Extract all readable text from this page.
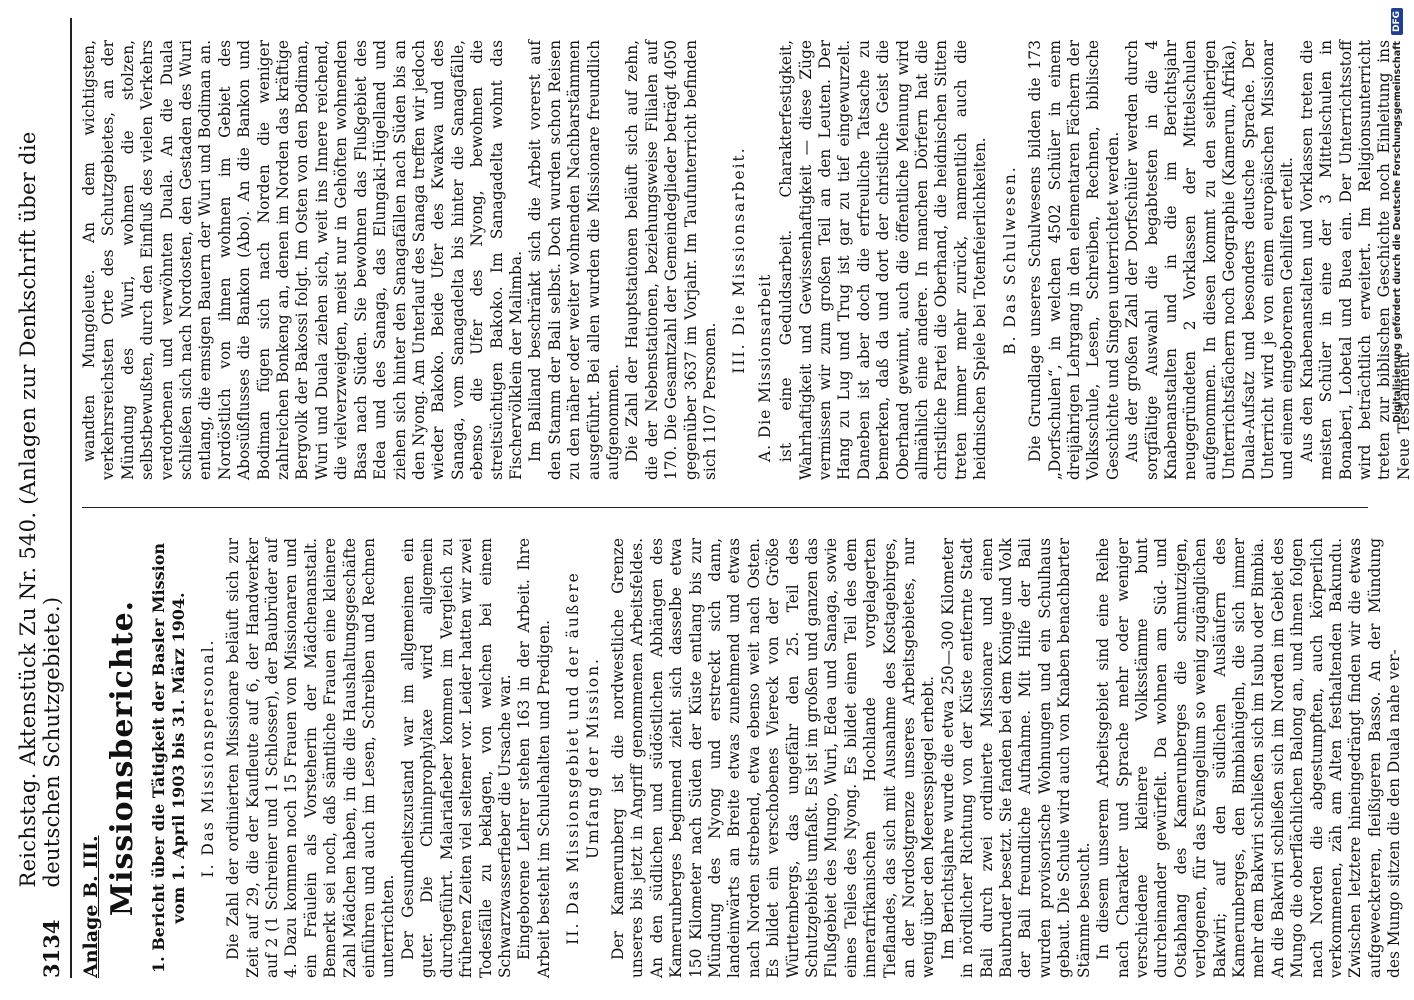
3134
Reichstag. Aktenstück Zu Nr. 540. (Anlagen zur Denkschrift über die deutschen Schutzgebiete.)

Anlage B. III. Missionsberichte. 1. Bericht über die Tätigkeit der Basler Mission vom 1. April 1903 bis 31. März 1904. I. Das Missionspersonal. Die Zahl der ordinierten Missionare beläuft sich zur Zeit auf 29, die der Kaufleute auf 6, der Handwerker auf 2 (1 Schreiner und 1 Schlosser), der Baubrüder auf 4. Dazu kommen noch 15 Frauen von Missionaren und ein Fräulein als Vorsteherin der Mädchenanstalt. Bemerkt sei noch, daß sämtliche Frauen eine kleinere Zahl Mädchen haben, in die die Haushaltungsgeschäfte einführen und auch im Lesen, Schreiben und Rechnen unterrichten. Der Gesundheitszustand war im allgemeinen ein guter. Die Chininprophylaxe wird allgemein durchgeführt. Malariafieber kommen im Vergleich zu früheren Zeiten viel seltener vor. Leider hatten wir zwei Todesfälle zu beklagen, von welchen bei einem Schwarzwasserfieber die Ursache war. Eingeborene Lehrer stehen 163 in der Arbeit. Ihre Arbeit besteht im Schulehalten und Predigen. II. Das Missionsgebiet und der äußere Umfang der Mission. Der Kamerunberg ist die nordwestliche Grenze unseres bis jetzt in Angriff genommenen Arbeitsfeldes. An den südlichen und südöstlichen Abhängen des Kamerunberges beginnend zieht sich dasselbe etwa 150 Kilometer nach Süden der Küste entlang bis zur Mündung des Nyong und erstreckt sich dann, landeinwärts an Breite etwas zunehmend und etwas nach Norden strebend, etwa ebenso weit nach Osten. Es bildet ein verschobenes Viereck von der Größe Württembergs, das ungefähr den 25. Teil des Schutzgebiets umfaßt. Es ist im großen und ganzen das Flußgebiet des Mungo, Wuri, Edea und Sanaga, sowie eines Teiles des Nyong. Es bildet einen Teil des dem innerafrikanischen Hochlande vorgelagerten Tieflandes, das sich mit Ausnahme des Kostagebirges, an der Nordostgrenze unseres Arbeitsgebietes, nur wenig über den Meeresspiegel erhebt. Im Berichtsjahre wurde die etwa 250—300 Kilometer in nördlicher Richtung von der Küste entfernte Stadt Bali durch zwei ordinierte Missionare und einen Baubruder besetzt. Sie fanden bei dem Könige und Volk der Bali freundliche Aufnahme. Mit Hilfe der Bali wurden provisorische Wohnungen und ein Schulhaus gebaut. Die Schule wird auch von Knaben benachbarter Stämme besucht. In diesem unserem Arbeitsgebiet sind eine Reihe nach Charakter und Sprache mehr oder weniger verschiedene kleinere Volksstämme bunt durcheinander gewürfelt. Da wohnen am Süd- und Ostabhang des Kamerunberges die schmutzigen, verlogenen, für das Evangelium so wenig zugänglichen Bakwiri; auf den südlichen Ausläufern des Kamerunberges, den Bimbiahügeln, die sich immer mehr dem Bakwiri schließen sich im Isubu oder Bimbia. An die Bakwiri schließen sich im Norden im Gebiet des Mungo die oberflächlichen Balong an, und ihnen folgen nach Norden die abgestumpften, auch körperlich verkommenen, zäh am Alten festhaltenden Bakundu. Zwischen letztere hineingedrängt finden wir die etwas aufgeweckteren, fleißigeren Basso. An der Mündung des Mungo sitzen die den Duala nahe ver-

wandten Mungoleute. An dem wichtigsten, verkehrsreichsten Orte des Schutzgebietes, an der Mündung des Wuri, wohnen die stolzen, selbstbewußten, durch den Einfluß des vielen Verkehrs verdorbenen und verwöhnten Duala. An die Duala schließen sich nach Nordosten, den Gestaden des Wuri entlang, die emsigen Bauern der Wuri und Bodiman an. Nordöstlich von ihnen wohnen im Gebiet des Abosüßflusses die Bankon (Abo). An die Bankon und Bodiman fügen sich nach Norden die weniger zahlreichen Bonkeng an, denen im Norden das kräftige Bergvolk der Bakossi folgt. Im Osten von den Bodiman, Wuri und Duala ziehen sich, weit ins Innere reichend, die vielverzweigten, meist nur in Gehöften wohnenden Basa nach Süden. Sie bewohnen das Flußgebiet des Edea und des Sanaga, das Elungaki-Hügelland und ziehen sich hinter den Sanagafällen nach Süden bis an den Nyong. Am Unterlauf des Sanaga treffen wir jedoch wieder Bakoko. Beide Ufer des Kwakwa und des Sanaga, vom Sanagadelta bis hinter die Sanagafälle, ebenso die Ufer des Nyong, bewohnen die streitsüchtigen Bakoko. Im Sanagadelta wohnt das Fischervölklein der Malimba. Im Baliland beschränkt sich die Arbeit vorerst auf den Stamm der Bali selbst. Doch wurden schon Reisen zu den näher oder weiter wohnenden Nachbarstämmen ausgeführt. Bei allen wurden die Missionare freundlich aufgenommen. Die Zahl der Hauptstationen beläuft sich auf zehn, die der Nebenstationen, beziehungsweise Filialen auf 170. Die Gesamtzahl der Gemeindeglieder beträgt 4050 gegenüber 3637 im Vorjahr. Im Taufunterricht befinden sich 1107 Personen.

III. Die Missionsarbeit. A. Die Missionsarbeit ist eine Geduldsarbeit. Charakterfestigkeit, Wahrhaftigkeit und Gewissenhaftigkeit — diese Züge vermissen wir zum großen Teil an den Leuten. Der Hang zu Lug und Trug ist gar zu tief eingewurzelt. Daneben ist aber doch die erfreuliche Tatsache zu bemerken, daß da und dort der christliche Geist die Oberhand gewinnt, auch die öffentliche Meinung wird allmählich eine andere. In manchen Dörfern hat die christliche Partei die Oberhand, die heidnischen Sitten treten immer mehr zurück, namentlich auch die heidnischen Spiele bei Totenfeierlichkeiten. B. Das Schulwesen. Die Grundlage unseres Schulwesens bilden die 173 „Dorfschulen“, in welchen 4502 Schüler in einem dreijährigen Lehrgang in den elementaren Fächern der Volksschule, Lesen, Schreiben, Rechnen, biblische Geschichte und Singen unterrichtet werden. Aus der großen Zahl der Dorfschüler werden durch sorgfältige Auswahl die begabtesten in die 4 Knabenanstalten und in die im Berichtsjahr neugegründeten 2 Vorklassen der Mittelschulen aufgenommen. In diesen kommt zu den seitherigen Unterrichtsfächern noch Geographie (Kamerun, Afrika), Duala-Aufsatz und besonders deutsche Sprache. Der Unterricht wird je von einem europäischen Missionar und einem eingeborenen Gehilfen erteilt. Aus den Knabenanstalten und Vorklassen treten die meisten Schüler in eine der 3 Mittelschulen in Bonaberi, Lobetal und Buea ein. Der Unterrichtsstoff wird beträchtlich erweitert. Im Religionsunterricht treten zur biblischen Geschichte noch Einleitung ins Neue Testament

Digitalisierung gefördert durch die Deutsche Forschungsgemeinschaft
DFG
